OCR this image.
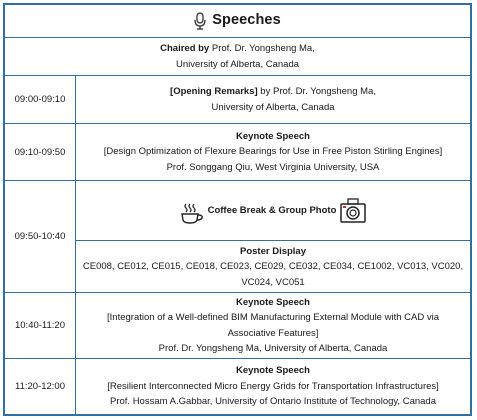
Speeches
Chaired by Prof. Dr. Yongsheng Ma,
University of Alberta, Canada
09:00-09:10
[Opening Remarks] by Prof. Dr. Yongsheng Ma,
University of Alberta, Canada
09:10-09:50
Keynote Speech
[Design Optimization of Flexure Bearings for Use in Free Piston Stirling Engines]
Prof. Songgang Qiu, West Virginia University, USA
09:50-10:40
Coffee Break & Group Photo
Poster Display
CE008, CE012, CE015, CE018, CE023, CE029, CE032, CE034, CE1002, VC013, VC020,
VC024, VC051
10:40-11:20
Keynote Speech
[Integration of a Well-defined BIM Manufacturing External Module with CAD via
Associative Features]
Prof. Dr. Yongsheng Ma, University of Alberta, Canada
11:20-12:00
Keynote Speech
[Resilient Interconnected Micro Energy Grids for Transportation Infrastructures]
Prof. Hossam A.Gabbar, University of Ontario Institute of Technology, Canada
